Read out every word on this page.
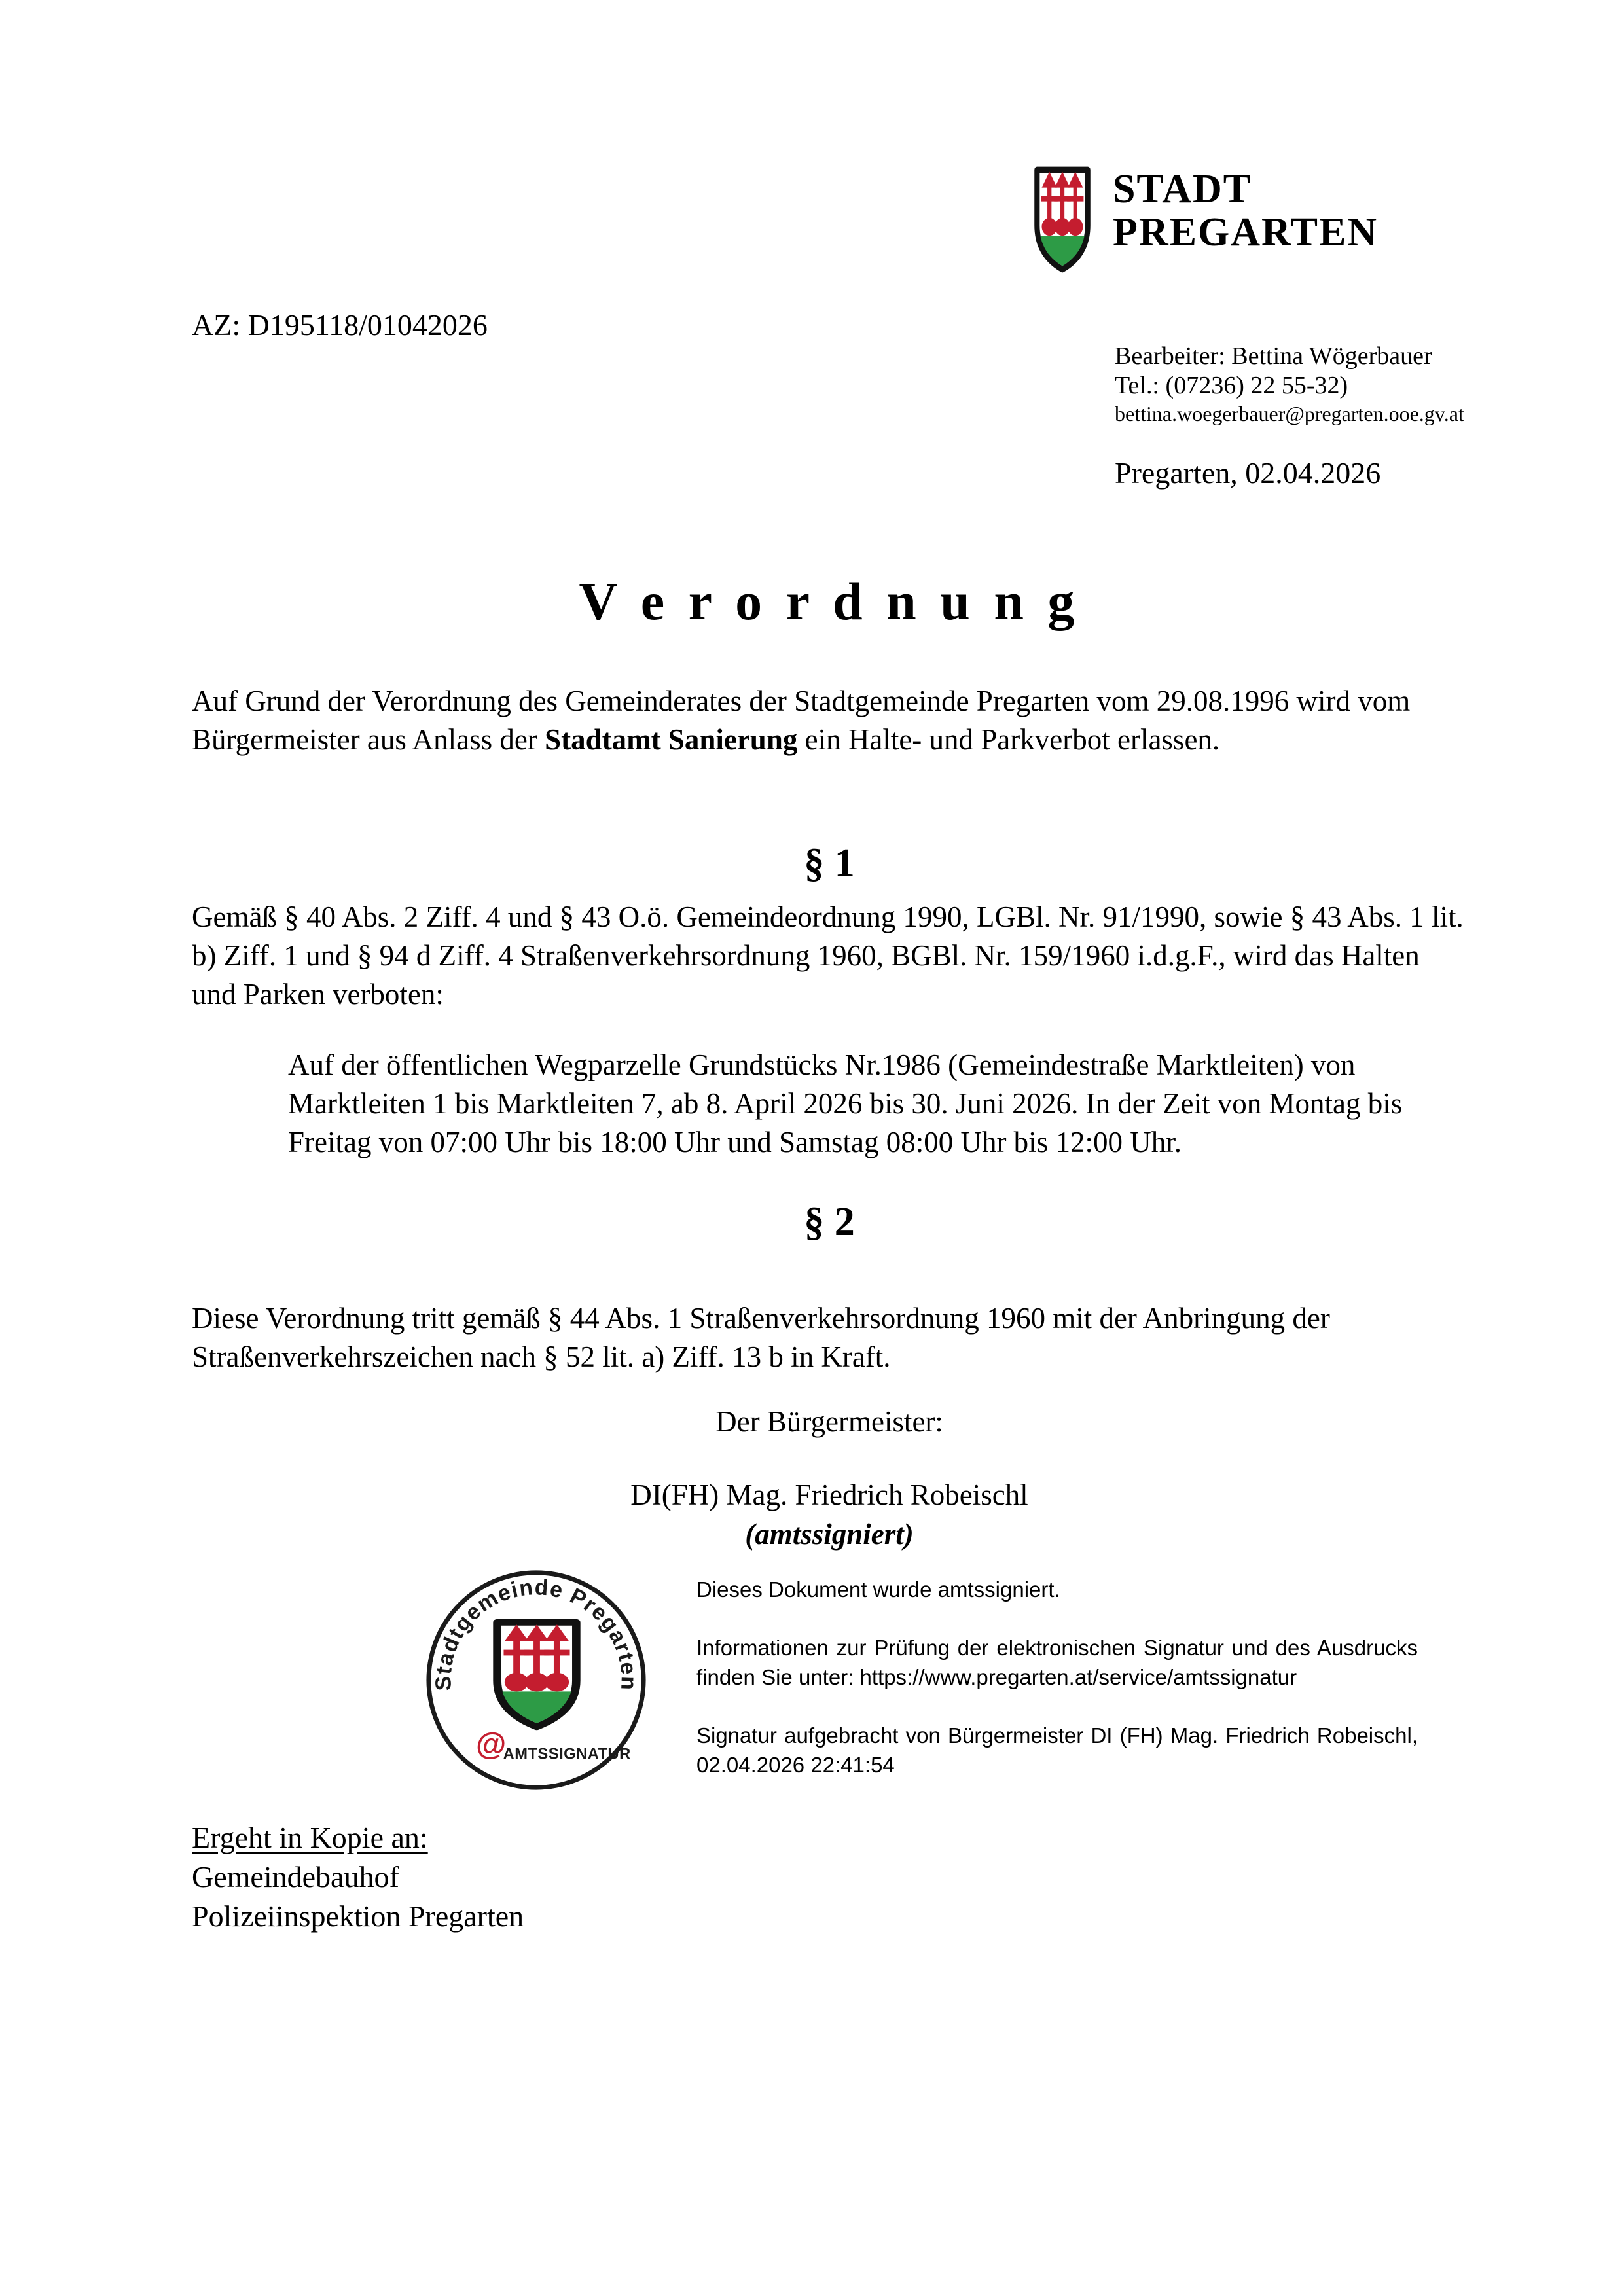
STADT
PREGARTEN
AZ: D195118/01042026
Bearbeiter: Bettina Wögerbauer
Tel.: (07236) 22 55-32)
bettina.woegerbauer@pregarten.ooe.gv.at
Pregarten, 02.04.2026
V e r o r d n u n g

Auf Grund der Verordnung des Gemeinderates der Stadtgemeinde Pregarten vom 29.08.1996 wird vom Bürgermeister aus Anlass der Stadtamt Sanierung ein Halte- und Parkverbot erlassen.

§ 1

Gemäß § 40 Abs. 2 Ziff. 4 und § 43 O.ö. Gemeindeordnung 1990, LGBl. Nr. 91/1990, sowie § 43 Abs. 1 lit. b) Ziff. 1 und § 94 d Ziff. 4 Straßenverkehrsordnung 1960, BGBl. Nr. 159/1960 i.d.g.F., wird das Halten und Parken verboten:

Auf der öffentlichen Wegparzelle Grundstücks Nr.1986 (Gemeindestraße Marktleiten) von Marktleiten 1 bis Marktleiten 7, ab 8. April 2026 bis 30. Juni 2026. In der Zeit von Montag bis Freitag von 07:00 Uhr bis 18:00 Uhr und Samstag 08:00 Uhr bis 12:00 Uhr.

§ 2

Diese Verordnung tritt gemäß § 44 Abs. 1 Straßenverkehrsordnung 1960 mit der Anbringung der Straßenverkehrszeichen nach § 52 lit. a) Ziff. 13 b in Kraft.

Der Bürgermeister:
DI(FH) Mag. Friedrich Robeischl
(amtssigniert)
Stadtgemeinde Pregarten
@
AMTSSIGNATUR

Dieses Dokument wurde amtssigniert.

Informationen zur Prüfung der elektronischen Signatur und des Ausdrucks finden Sie unter: https://www.pregarten.at/service/amtssignatur

Signatur aufgebracht von Bürgermeister DI (FH) Mag. Friedrich Robeischl, 02.04.2026 22:41:54

Ergeht in Kopie an:
Gemeindebauhof
Polizeiinspektion Pregarten
